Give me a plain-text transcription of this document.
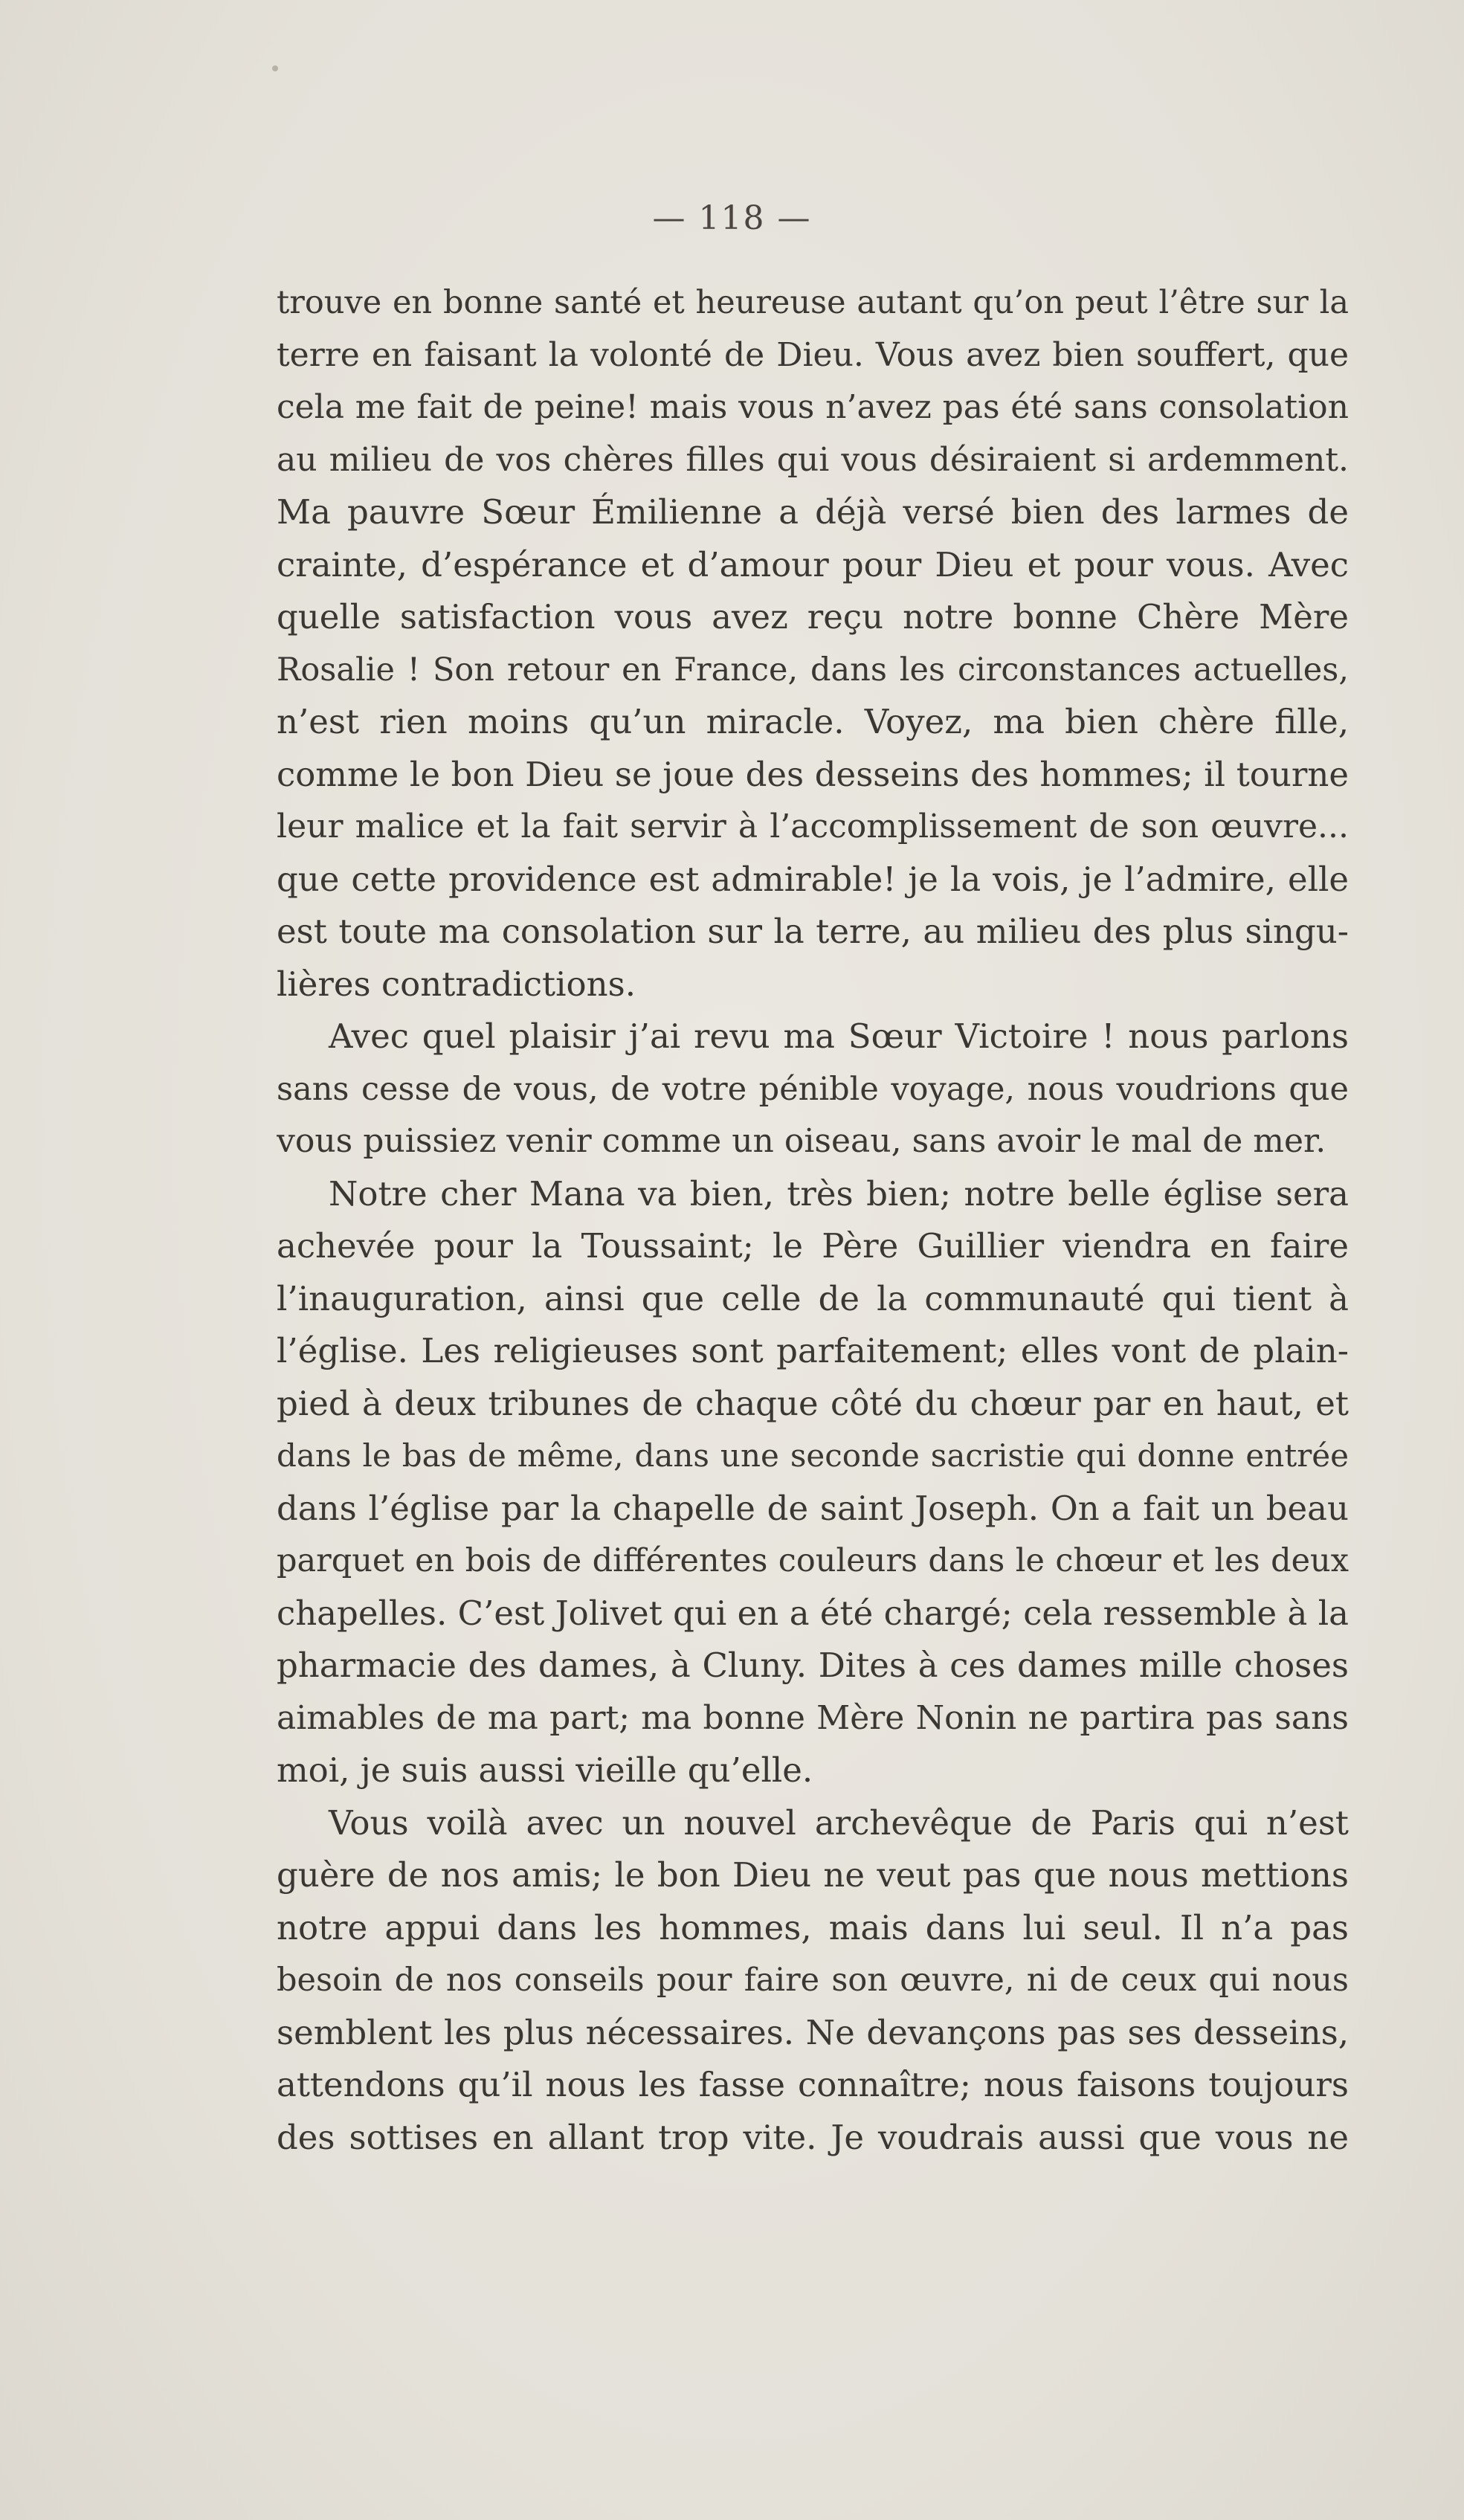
— 118 —
trouve en bonne santé et heureuse autant qu’on peut l’être sur la
terre en faisant la volonté de Dieu. Vous avez bien souffert, que
cela me fait de peine! mais vous n’avez pas été sans consolation
au milieu de vos chères filles qui vous désiraient si ardemment.
Ma pauvre Sœur Émilienne a déjà versé bien des larmes de
crainte, d’espérance et d’amour pour Dieu et pour vous. Avec
quelle satisfaction vous avez reçu notre bonne Chère Mère
Rosalie ! Son retour en France, dans les circonstances actuelles,
n’est rien moins qu’un miracle. Voyez, ma bien chère fille,
comme le bon Dieu se joue des desseins des hommes; il tourne
leur malice et la fait servir à l’accomplissement de son œuvre...
que cette providence est admirable! je la vois, je l’admire, elle
est toute ma consolation sur la terre, au milieu des plus singu-
lières contradictions.
Avec quel plaisir j’ai revu ma Sœur Victoire ! nous parlons
sans cesse de vous, de votre pénible voyage, nous voudrions que
vous puissiez venir comme un oiseau, sans avoir le mal de mer.
Notre cher Mana va bien, très bien; notre belle église sera
achevée pour la Toussaint; le Père Guillier viendra en faire
l’inauguration, ainsi que celle de la communauté qui tient à
l’église. Les religieuses sont parfaitement; elles vont de plain-
pied à deux tribunes de chaque côté du chœur par en haut, et
dans le bas de même, dans une seconde sacristie qui donne entrée
dans l’église par la chapelle de saint Joseph. On a fait un beau
parquet en bois de différentes couleurs dans le chœur et les deux
chapelles. C’est Jolivet qui en a été chargé; cela ressemble à la
pharmacie des dames, à Cluny. Dites à ces dames mille choses
aimables de ma part; ma bonne Mère Nonin ne partira pas sans
moi, je suis aussi vieille qu’elle.
Vous voilà avec un nouvel archevêque de Paris qui n’est
guère de nos amis; le bon Dieu ne veut pas que nous mettions
notre appui dans les hommes, mais dans lui seul. Il n’a pas
besoin de nos conseils pour faire son œuvre, ni de ceux qui nous
semblent les plus nécessaires. Ne devançons pas ses desseins,
attendons qu’il nous les fasse connaître; nous faisons toujours
des sottises en allant trop vite. Je voudrais aussi que vous ne
